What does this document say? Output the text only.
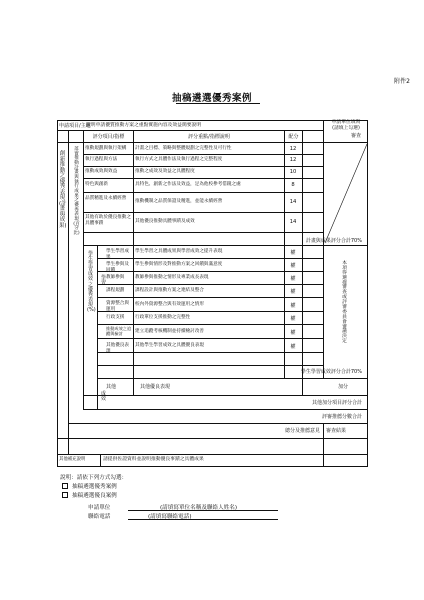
附件2
抽稿遴選優秀案例
申請項目/主題
說明申請優質推動方案之重點實施內容及效益簡要說明
申請單位填寫
(請填上勾選)
審查
評分項目/指標	評分重點/指標說明	配分
創新推動之優秀表現(計畫與成果)
落實推動計畫與執行成果之優秀表現(百分比)
推動規劃與執行架構	計畫之目標、策略與整體規劃之完整性及可行性	12
執行過程與方法	執行方式之具體作法及執行過程之完整程度	12
推動成效與效益	推動之成效及效益之具體程度	10
特色與創新	具特色、創新之作法及效益，足為他校參考借鏡之處	8
品質精進及永續經營
推動機制之品質保證及精進，並能永續經營	14
其他有助於優良推動之具體事蹟	其他優良推動具體事蹟及成效	14
計畫與成果評分合計70%
學生學習成效之優秀表現(%)
本項得選擇審查或評審委員會審議決定
學習
成效
學生學習成果
學生學習之具體成果與學習成效之提升表現	權
學生參與及回饋
學生參與情形及對推動方案之回饋與滿意度	權
教師參與	教師參與推動之情形及專業成長表現	權
課程規劃	課程設計與推動方案之連結及整合	權
資源整合與運用
校內外資源整合與有效運用之情形	權
行政支援	行政單位支援推動之完整性	權
推動成效之追蹤與檢討	建立追蹤考核機制並持續檢討改善	權
其他優良表現
其他學生學習成效之具體優良表現	權
學生學習成效評分合計70%
其他	其他優良表現	加分
其他加分項目評分合計
評審推薦分數合計
總分及推薦意見 審查結果
其他補充說明	請提供佐證資料並說明推動優良事蹟之具體成果
說明：請依下列方式勾選：
抽稿遴選優秀案例
抽稿遴選優良案例
申請單位	(請填寫單位名稱及聯絡人姓名)
聯絡電話	(請填寫聯絡電話)
